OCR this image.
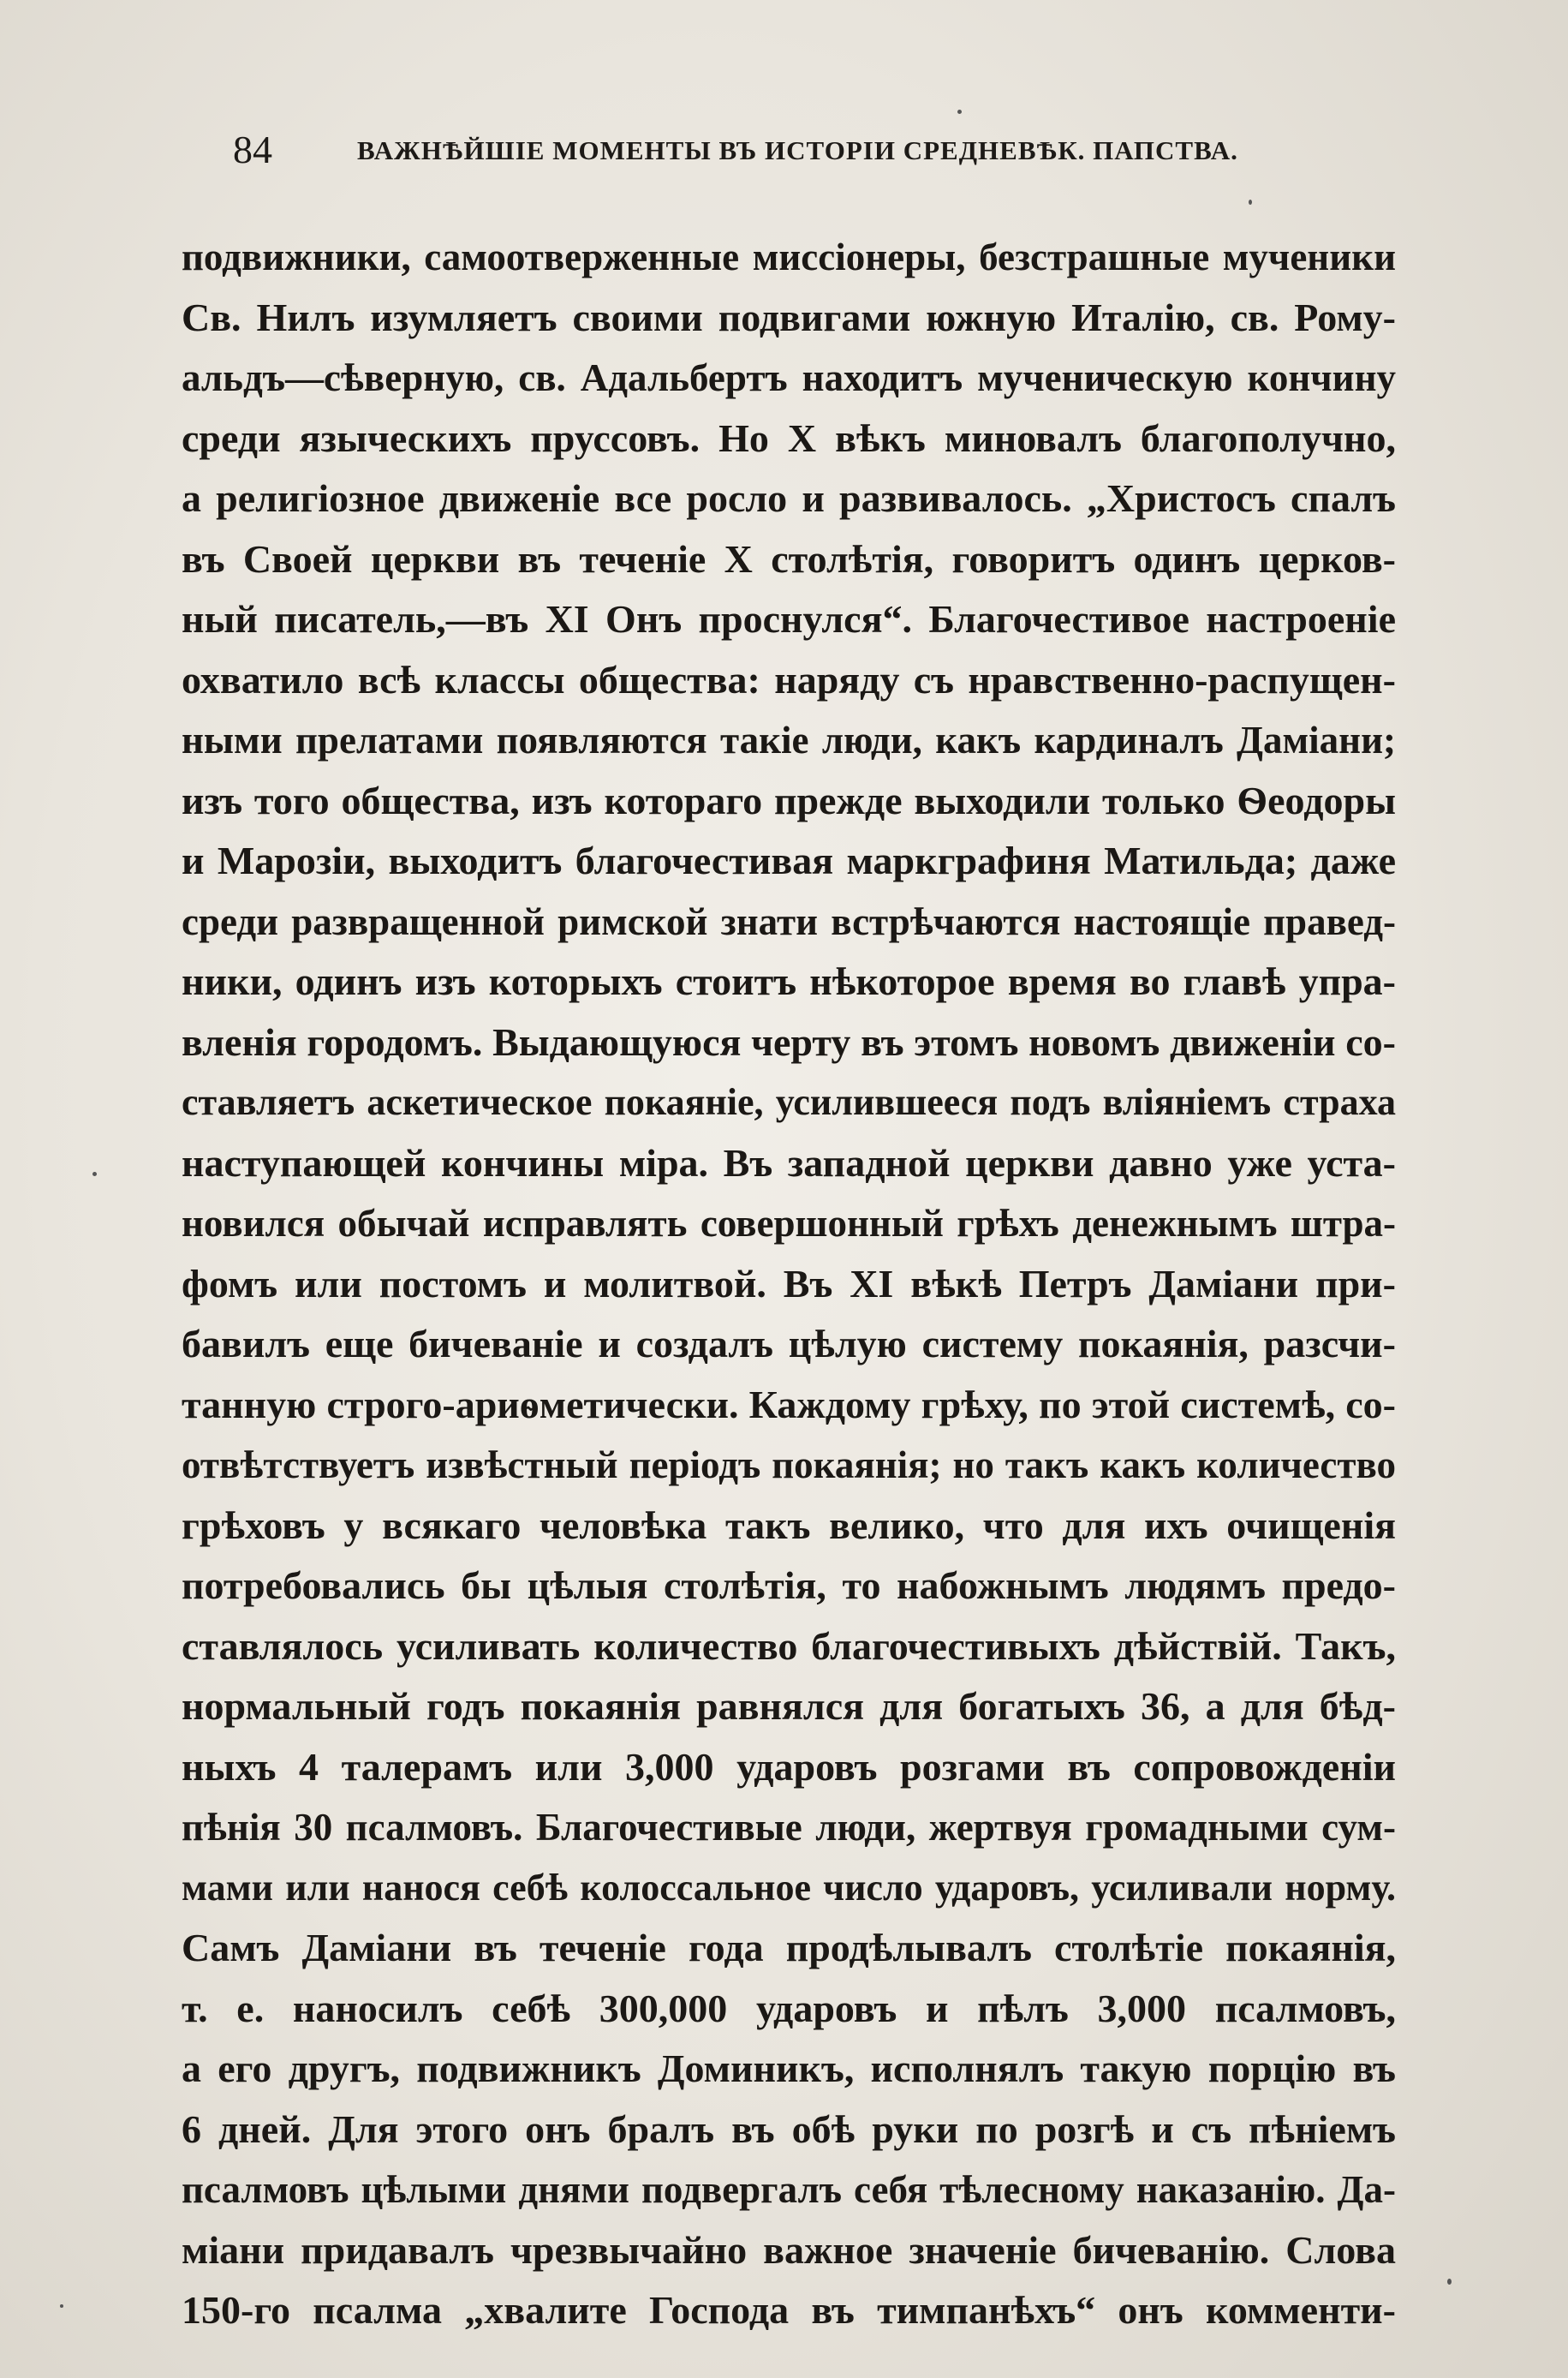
84	ВАЖНѢЙШІЕ МОМЕНТЫ ВЪ ИСТОРІИ СРЕДНЕВѢК. ПАПСТВА.
подвижники, самоотверженные миссіонеры, безстрашные мученики
Св. Нилъ изумляетъ своими подвигами южную Италію, св. Рому-
альдъ—сѣверную, св. Адальбертъ находитъ мученическую кончину
среди языческихъ пруссовъ. Но X вѣкъ миновалъ благополучно,
а религіозное движеніе все росло и развивалось. „Христосъ спалъ
въ Своей церкви въ теченіе X столѣтія, говоритъ одинъ церков-
ный писатель,—въ XI Онъ проснулся“. Благочестивое настроеніе
охватило всѣ классы общества: наряду съ нравственно-распущен-
ными прелатами появляются такіе люди, какъ кардиналъ Даміани;
изъ того общества, изъ котораго прежде выходили только Ѳеодоры
и Марозіи, выходитъ благочестивая маркграфиня Матильда; даже
среди развращенной римской знати встрѣчаются настоящіе правед-
ники, одинъ изъ которыхъ стоитъ нѣкоторое время во главѣ упра-
вленія городомъ. Выдающуюся черту въ этомъ новомъ движеніи со-
ставляетъ аскетическое покаяніе, усилившееся подъ вліяніемъ страха
наступающей кончины міра. Въ западной церкви давно уже уста-
новился обычай исправлять совершонный грѣхъ денежнымъ штра-
фомъ или постомъ и молитвой. Въ XI вѣкѣ Петръ Даміани при-
бавилъ еще бичеваніе и создалъ цѣлую систему покаянія, разсчи-
танную строго-ариѳметически. Каждому грѣху, по этой системѣ, со-
отвѣтствуетъ извѣстный періодъ покаянія; но такъ какъ количество
грѣховъ у всякаго человѣка такъ велико, что для ихъ очищенія
потребовались бы цѣлыя столѣтія, то набожнымъ людямъ предо-
ставлялось усиливать количество благочестивыхъ дѣйствій. Такъ,
нормальный годъ покаянія равнялся для богатыхъ 36, а для бѣд-
ныхъ 4 талерамъ или 3,000 ударовъ розгами въ сопровожденіи
пѣнія 30 псалмовъ. Благочестивые люди, жертвуя громадными сум-
мами или нанося себѣ колоссальное число ударовъ, усиливали норму.
Самъ Даміани въ теченіе года продѣлывалъ столѣтіе покаянія,
т. е. наносилъ себѣ 300,000 ударовъ и пѣлъ 3,000 псалмовъ,
а его другъ, подвижникъ Доминикъ, исполнялъ такую порцію въ
6 дней. Для этого онъ бралъ въ обѣ руки по розгѣ и съ пѣніемъ
псалмовъ цѣлыми днями подвергалъ себя тѣлесному наказанію. Да-
міани придавалъ чрезвычайно важное значеніе бичеванію. Слова
150-го псалма „хвалите Господа въ тимпанѣхъ“ онъ комменти-
